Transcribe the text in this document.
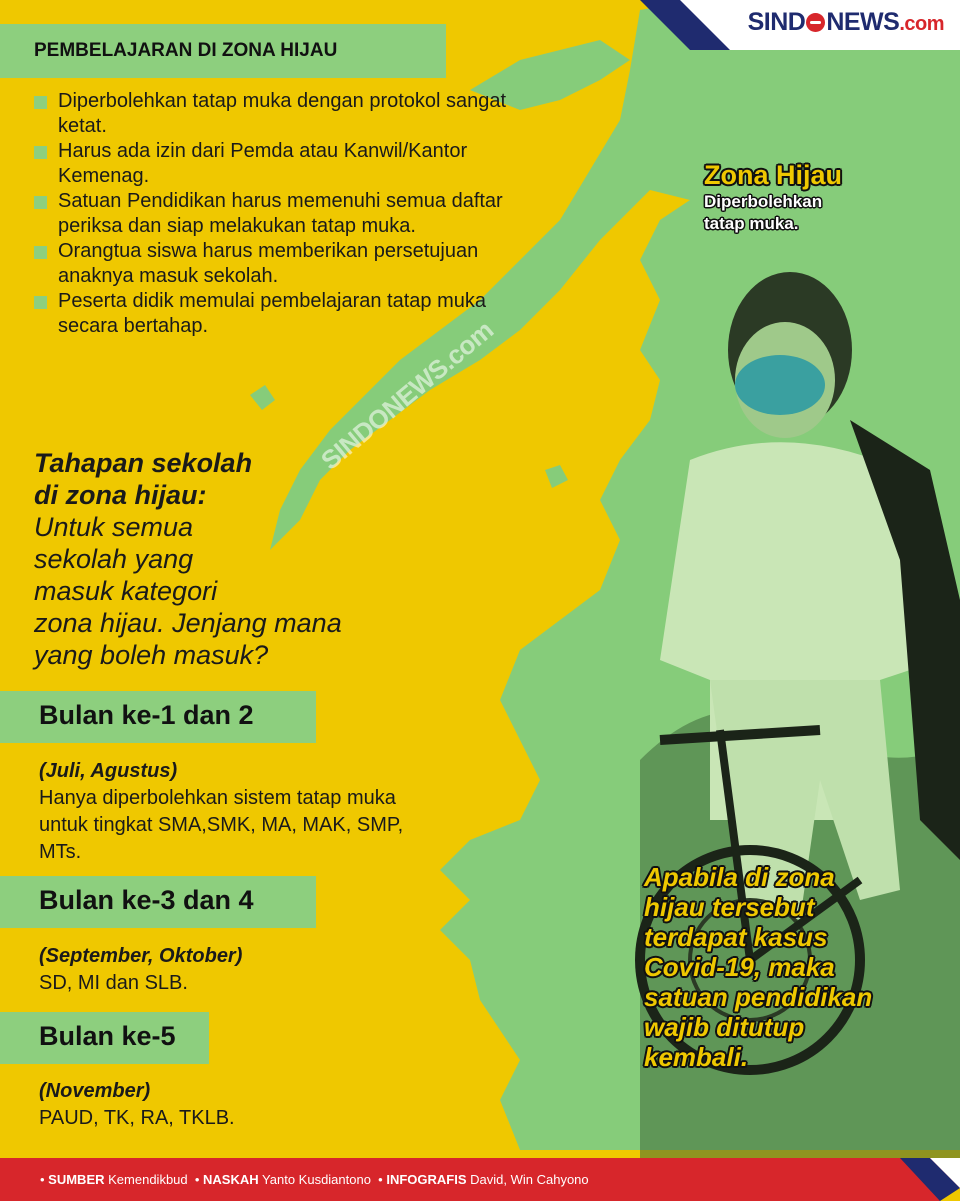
SIND NEWS.com
PEMBELAJARAN DI ZONA HIJAU
Diperbolehkan tatap muka dengan protokol sangat ketat.
Harus ada izin dari Pemda atau Kanwil/Kantor Kemenag.
Satuan Pendidikan harus memenuhi semua daftar periksa dan siap melakukan tatap muka.
Orangtua siswa harus memberikan persetujuan anaknya masuk sekolah.
Peserta didik memulai pembelajaran tatap muka secara bertahap.	SINDONEWS.com
Tahapan sekolah
di zona hijau:
Untuk semua
sekolah yang
masuk kategori
zona hijau. Jenjang mana
yang boleh masuk?
Bulan ke-1 dan 2
(Juli, Agustus)
Hanya diperbolehkan sistem tatap muka untuk tingkat SMA,SMK, MA, MAK, SMP, MTs.
Bulan ke-3 dan 4
(September, Oktober)
SD, MI dan SLB.
Bulan ke-5
(November)
PAUD, TK, RA, TKLB.
Zona Hijau
Diperbolehkan
tatap muka.
Apabila di zona
hijau tersebut
terdapat kasus
Covid-19, maka
satuan pendidikan
wajib ditutup
kembali.
• SUMBER Kemendikbud  • NASKAH Yanto Kusdiantono  • INFOGRAFIS David, Win Cahyono
